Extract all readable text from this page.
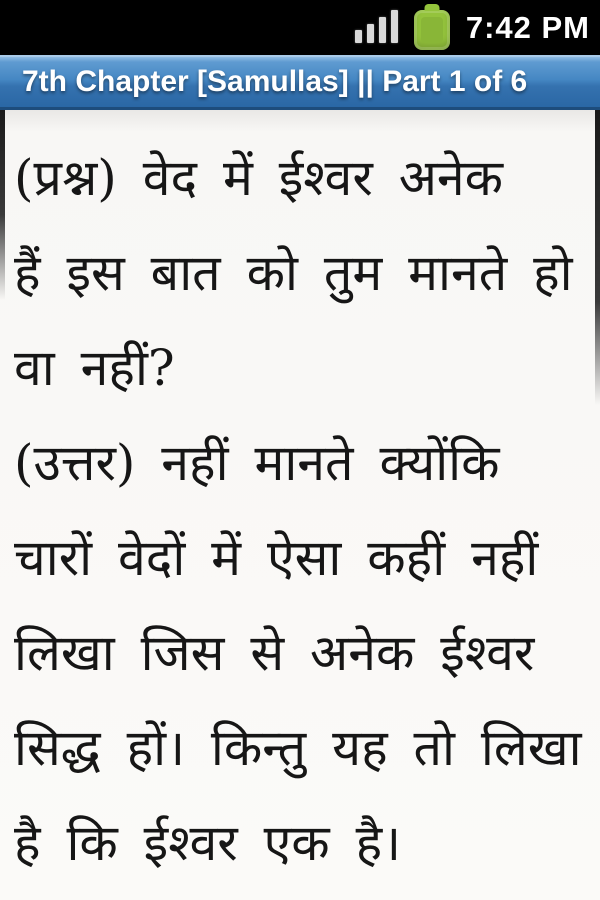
7:42 PM
7th Chapter [Samullas] || Part 1 of 6
(प्रश्न) वेद में ईश्वर अनेक
हैं इस बात को तुम मानते हो
वा नहीं?
(उत्तर) नहीं मानते क्योंकि
चारों वेदों में ऐसा कहीं नहीं
लिखा जिस से अनेक ईश्वर
सिद्ध हों। किन्तु यह तो लिखा
है कि ईश्वर एक है।
